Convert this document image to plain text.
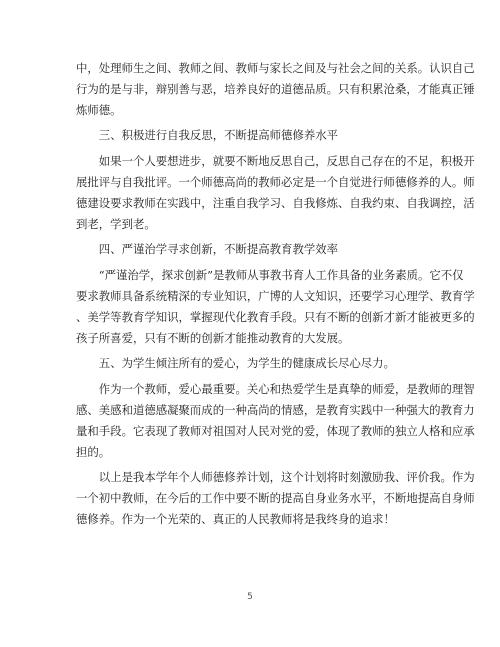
中，处理师生之间、教师之间、教师与家长之间及与社会之间的关系。认识自己
行为的是与非，辩别善与恶，培养良好的道德品质。只有积累沧桑，才能真正锤
炼师德。
三、积极进行自我反思，不断提高师德修养水平
如果一个人要想进步，就要不断地反思自己，反思自己存在的不足，积极开
展批评与自我批评。一个师德高尚的教师必定是一个自觉进行师德修养的人。师
德建设要求教师在实践中，注重自我学习、自我修炼、自我约束、自我调控，活
到老，学到老。
四、严谨治学寻求创新，不断提高教育教学效率
“严谨治学，探求创新”是教师从事教书育人工作具备的业务素质。它不仅
要求教师具备系统精深的专业知识，广博的人文知识，还要学习心理学、教育学
、美学等教育学知识，掌握现代化教育手段。只有不断的创新才新才能被更多的
孩子所喜爱，只有不断的创新才能推动教育的大发展。
五、为学生倾注所有的爱心，为学生的健康成长尽心尽力。
作为一个教师，爱心最重要。关心和热爱学生是真挚的师爱，是教师的理智
感、美感和道德感凝聚而成的一种高尚的情感，是教育实践中一种强大的教育力
量和手段。它表现了教师对祖国对人民对党的爱，体现了教师的独立人格和应承
担的。
以上是我本学年个人师德修养计划，这个计划将时刻激励我、评价我。作为
一个初中教师，在今后的工作中要不断的提高自身业务水平，不断地提高自身师
德修养。作为一个光荣的、真正的人民教师将是我终身的追求！
5
